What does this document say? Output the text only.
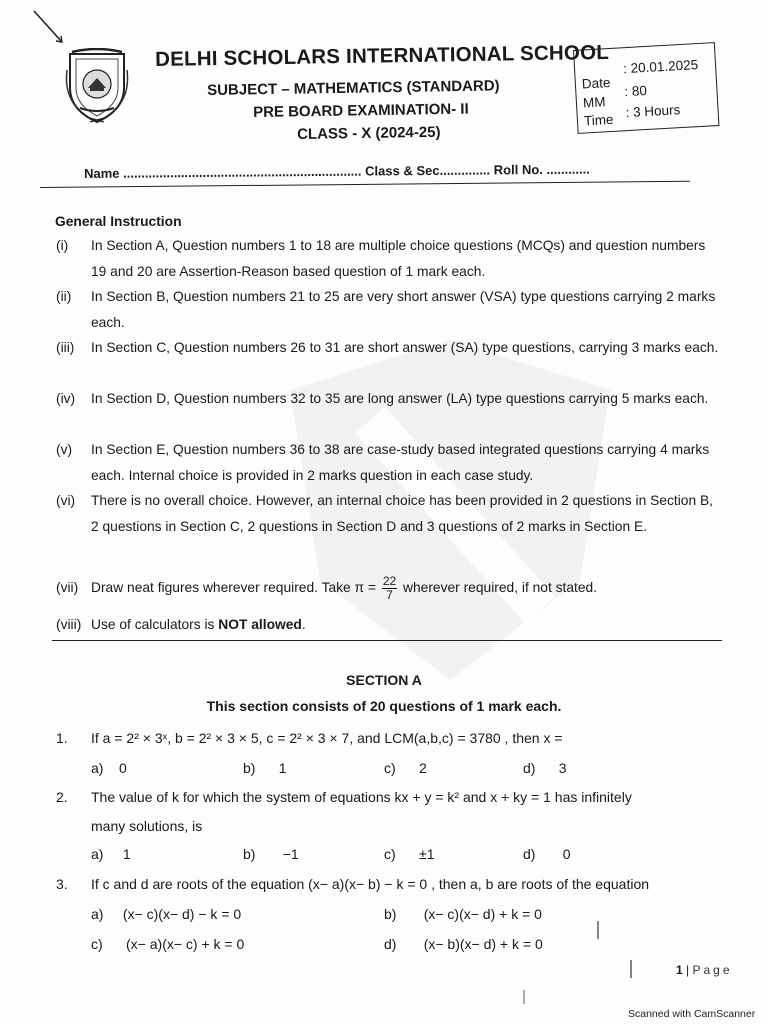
DELHI SCHOLARS INTERNATIONAL SCHOOL
SUBJECT – MATHEMATICS (STANDARD)
PRE BOARD EXAMINATION- II
CLASS - X (2024-25)
Date: 20.01.2025
MM: 80
Time: 3 Hours
Name .................................................................. Class & Sec.............. Roll No. ............
General Instruction
(i)	In Section A, Question numbers 1 to 18 are multiple choice questions (MCQs) and question numbers 19 and 20 are Assertion-Reason based question of 1 mark each.
(ii)	In Section B, Question numbers 21 to 25 are very short answer (VSA) type questions carrying 2 marks each.
(iii)	In Section C, Question numbers 26 to 31 are short answer (SA) type questions, carrying 3 marks each.
(iv)	In Section D, Question numbers 32 to 35 are long answer (LA) type questions carrying 5 marks each.
(v)	In Section E, Question numbers 36 to 38 are case-study based integrated questions carrying 4 marks each. Internal choice is provided in 2 marks question in each case study.
(vi)	There is no overall choice. However, an internal choice has been provided in 2 questions in Section B, 2 questions in Section C, 2 questions in Section D and 3 questions of 2 marks in Section E.
(vii) Draw neat figures wherever required. Take $\pi = \frac{22}{7}$ wherever required, if not stated.
(viii) Use of calculators is NOT allowed.
SECTION A
This section consists of 20 questions of 1 mark each.
1. If a = 2² × 3ˣ, b = 2² × 3 × 5, c = 2² × 3 × 7, and LCM(a,b,c) = 3780 , then x =
a) 0	b) 1	c) 2	d) 3
2. The value of k for which the system of equations kx + y = k² and x + ky = 1 has infinitely
many solutions, is
a) 1	b) −1	c) ±1	d) 0
3. If c and d are roots of the equation (x− a)(x− b) − k = 0 , then a, b are roots of the equation
a) (x− c)(x− d) − k = 0	b) (x− c)(x− d) + k = 0
c) (x− a)(x− c) + k = 0	d) (x− b)(x− d) + k = 0
1 | Page
Scanned with CamScanner
